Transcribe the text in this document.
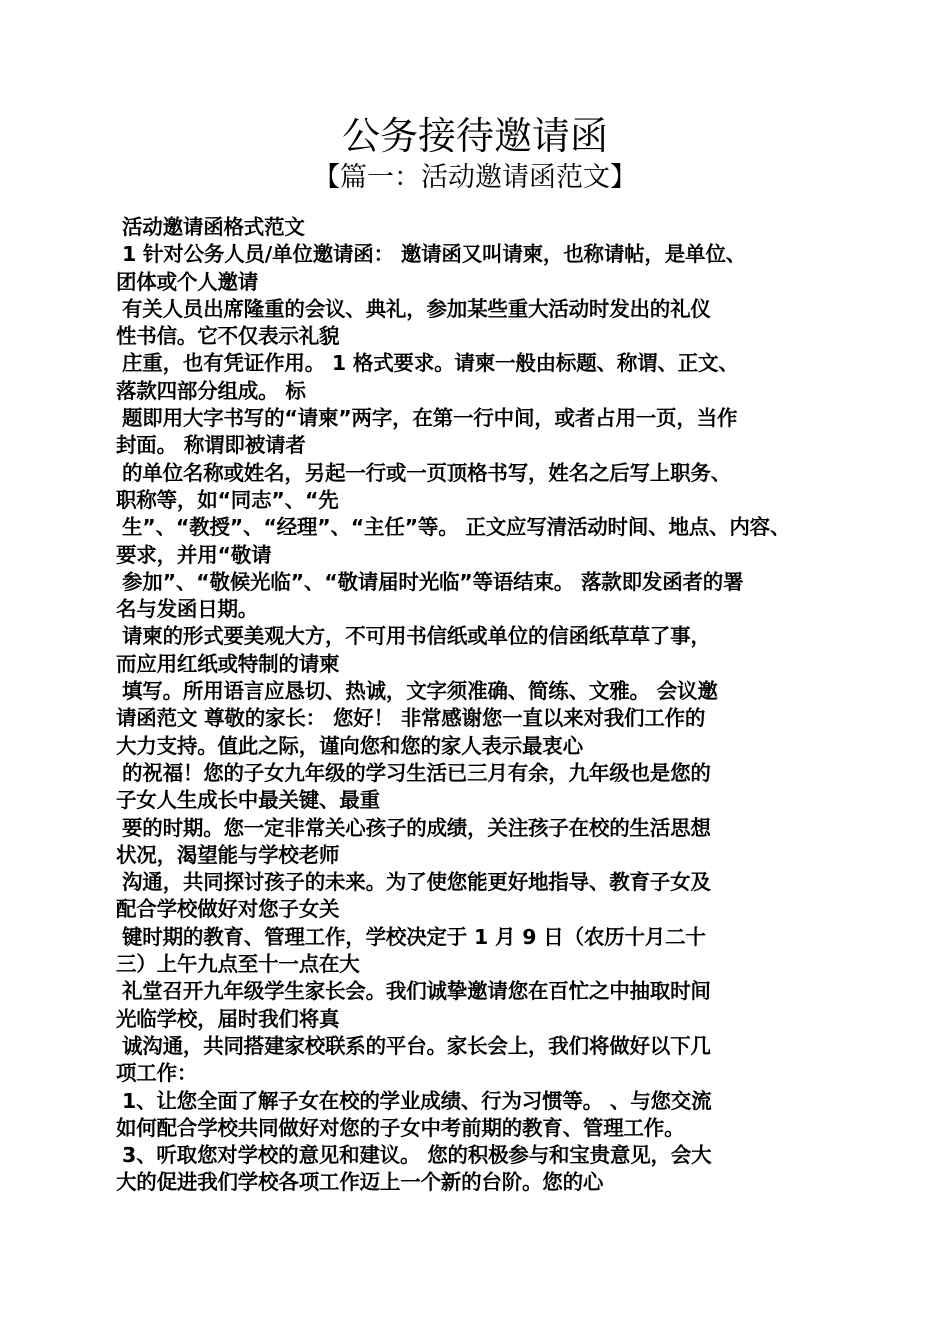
公务接待邀请函
【篇一：活动邀请函范文】
活动邀请函格式范文
1 针对公务人员/单位邀请函： 邀请函又叫请柬，也称请帖，是单位、
团体或个人邀请
有关人员出席隆重的会议、典礼，参加某些重大活动时发出的礼仪
性书信。它不仅表示礼貌
庄重，也有凭证作用。 1 格式要求。请柬一般由标题、称谓、正文、
落款四部分组成。 标
题即用大字书写的“请柬”两字，在第一行中间，或者占用一页，当作
封面。 称谓即被请者
的单位名称或姓名，另起一行或一页顶格书写，姓名之后写上职务、
职称等，如“同志”、“先
生”、“教授”、“经理”、“主任”等。 正文应写清活动时间、地点、内容、
要求，并用“敬请
参加”、“敬候光临”、“敬请届时光临”等语结束。 落款即发函者的署
名与发函日期。
请柬的形式要美观大方，不可用书信纸或单位的信函纸草草了事，
而应用红纸或特制的请柬
填写。所用语言应恳切、热诚，文字须准确、简练、文雅。 会议邀
请函范文 尊敬的家长： 您好！ 非常感谢您一直以来对我们工作的
大力支持。值此之际，谨向您和您的家人表示最衷心
的祝福！您的子女九年级的学习生活已三月有余，九年级也是您的
子女人生成长中最关键、最重
要的时期。您一定非常关心孩子的成绩，关注孩子在校的生活思想
状况，渴望能与学校老师
沟通，共同探讨孩子的未来。为了使您能更好地指导、教育子女及
配合学校做好对您子女关
键时期的教育、管理工作，学校决定于 1 月 9 日（农历十月二十
三）上午九点至十一点在大
礼堂召开九年级学生家长会。我们诚挚邀请您在百忙之中抽取时间
光临学校，届时我们将真
诚沟通，共同搭建家校联系的平台。家长会上，我们将做好以下几
项工作：
1、让您全面了解子女在校的学业成绩、行为习惯等。 、与您交流
如何配合学校共同做好对您的子女中考前期的教育、管理工作。
3、听取您对学校的意见和建议。 您的积极参与和宝贵意见，会大
大的促进我们学校各项工作迈上一个新的台阶。您的心
